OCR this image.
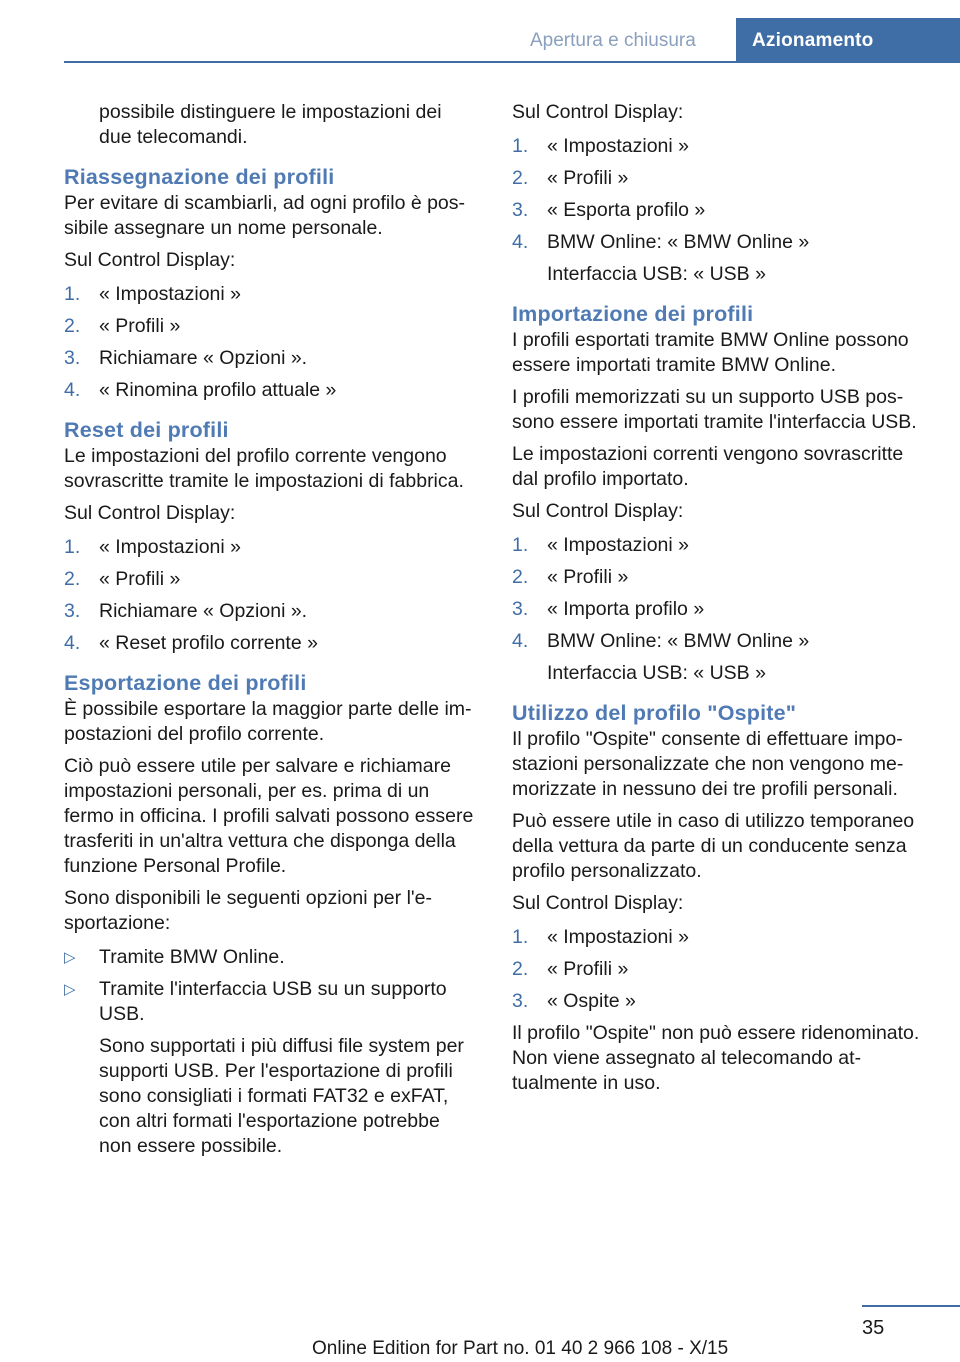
Apertura e chiusura	Azionamento

possibile distinguere le impostazioni dei due telecomandi.

Riassegnazione dei profili

Per evitare di scambiarli, ad ogni profilo è possibile assegnare un nome personale.

Sul Control Display:

1. « Impostazioni »
2. « Profili »
3. Richiamare « Opzioni ».
4. « Rinomina profilo attuale »
Reset dei profili

Le impostazioni del profilo corrente vengono sovrascritte tramite le impostazioni di fabbrica.

Sul Control Display:

1. « Impostazioni »
2. « Profili »
3. Richiamare « Opzioni ».
4. « Reset profilo corrente »
Esportazione dei profili

È possibile esportare la maggior parte delle impostazioni del profilo corrente.

Ciò può essere utile per salvare e richiamare impostazioni personali, per es. prima di un fermo in officina. I profili salvati possono essere trasferiti in un'altra vettura che disponga della funzione Personal Profile.

Sono disponibili le seguenti opzioni per l'esportazione:

▷ Tramite BMW Online.
▷ Tramite l'interfaccia USB su un supporto USB.
Sono supportati i più diffusi file system per supporti USB. Per l'esportazione di profili sono consigliati i formati FAT32 e exFAT, con altri formati l'esportazione potrebbe non essere possibile.

Sul Control Display:

1. « Impostazioni »
2. « Profili »
3. « Esporta profilo »
4. BMW Online: « BMW Online »
Interfaccia USB: « USB »
Importazione dei profili

I profili esportati tramite BMW Online possono essere importati tramite BMW Online.

I profili memorizzati su un supporto USB possono essere importati tramite l'interfaccia USB.

Le impostazioni correnti vengono sovrascritte dal profilo importato.

Sul Control Display:

1. « Impostazioni »
2. « Profili »
3. « Importa profilo »
4. BMW Online: « BMW Online »
Interfaccia USB: « USB »
Utilizzo del profilo "Ospite"

Il profilo "Ospite" consente di effettuare impostazioni personalizzate che non vengono memorizzate in nessuno dei tre profili personali.

Può essere utile in caso di utilizzo temporaneo della vettura da parte di un conducente senza profilo personalizzato.

Sul Control Display:

1. « Impostazioni »
2. « Profili »
3. « Ospite »

Il profilo "Ospite" non può essere ridenominato. Non viene assegnato al telecomando attualmente in uso.

35
Online Edition for Part no. 01 40 2 966 108 - X/15
